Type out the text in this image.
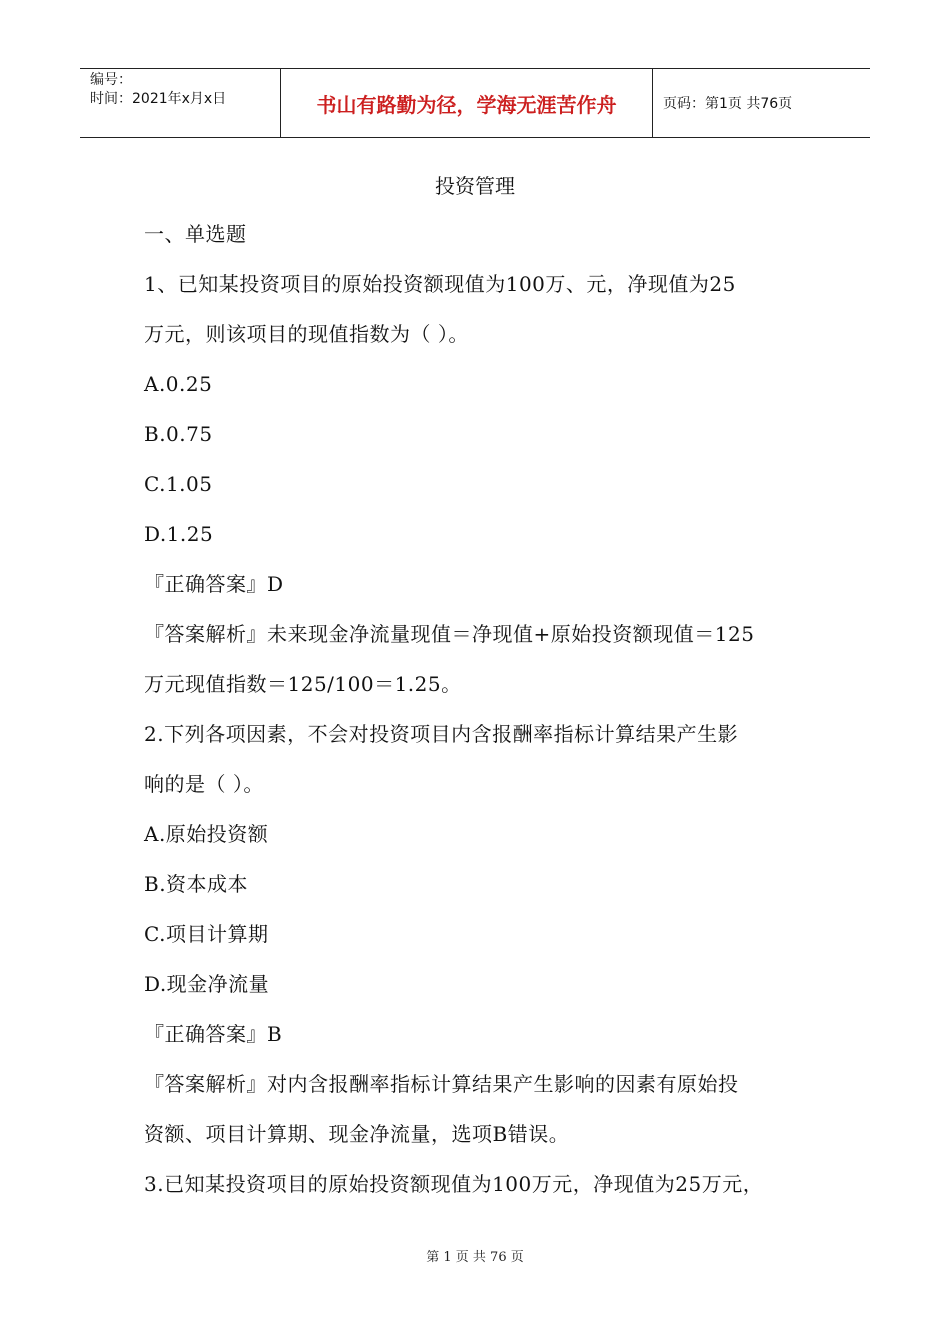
编号：
时间：2021年x月x日	书山有路勤为径，学海无涯苦作舟	页码：第1页 共76页
投资管理
一、单选题
1、已知某投资项目的原始投资额现值为100万、元，净现值为25
万元，则该项目的现值指数为（ ）。
A.0.25
B.0.75
C.1.05
D.1.25
『正确答案』D
『答案解析』未来现金净流量现值＝净现值+原始投资额现值＝125
万元现值指数＝125/100＝1.25。
2.下列各项因素，不会对投资项目内含报酬率指标计算结果产生影
响的是（ ）。
A.原始投资额
B.资本成本
C.项目计算期
D.现金净流量
『正确答案』B
『答案解析』对内含报酬率指标计算结果产生影响的因素有原始投
资额、项目计算期、现金净流量，选项B错误。
3.已知某投资项目的原始投资额现值为100万元，净现值为25万元，
第 1 页 共 76 页
